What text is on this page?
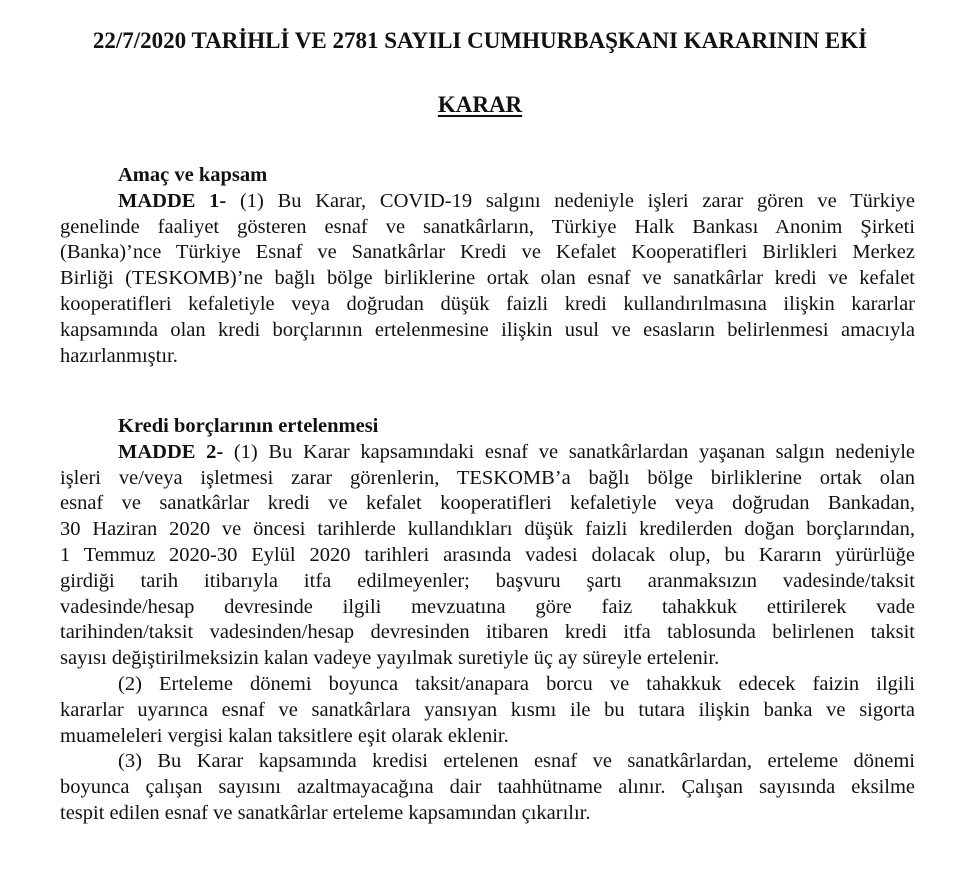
22/7/2020 TARİHLİ VE 2781 SAYILI CUMHURBAŞKANI KARARININ EKİ
KARAR
Amaç ve kapsam
MADDE 1- (1) Bu Karar, COVID-19 salgını nedeniyle işleri zarar gören ve Türkiye
genelinde faaliyet gösteren esnaf ve sanatkârların, Türkiye Halk Bankası Anonim Şirketi
(Banka)’nce Türkiye Esnaf ve Sanatkârlar Kredi ve Kefalet Kooperatifleri Birlikleri Merkez
Birliği (TESKOMB)’ne bağlı bölge birliklerine ortak olan esnaf ve sanatkârlar kredi ve kefalet
kooperatifleri kefaletiyle veya doğrudan düşük faizli kredi kullandırılmasına ilişkin kararlar
kapsamında olan kredi borçlarının ertelenmesine ilişkin usul ve esasların belirlenmesi amacıyla
hazırlanmıştır.
Kredi borçlarının ertelenmesi
MADDE 2- (1) Bu Karar kapsamındaki esnaf ve sanatkârlardan yaşanan salgın nedeniyle
işleri ve/veya işletmesi zarar görenlerin, TESKOMB’a bağlı bölge birliklerine ortak olan
esnaf ve sanatkârlar kredi ve kefalet kooperatifleri kefaletiyle veya doğrudan Bankadan,
30 Haziran 2020 ve öncesi tarihlerde kullandıkları düşük faizli kredilerden doğan borçlarından,
1 Temmuz 2020-30 Eylül 2020 tarihleri arasında vadesi dolacak olup, bu Kararın yürürlüğe
girdiği tarih itibarıyla itfa edilmeyenler; başvuru şartı aranmaksızın vadesinde/taksit
vadesinde/hesap devresinde ilgili mevzuatına göre faiz tahakkuk ettirilerek vade
tarihinden/taksit vadesinden/hesap devresinden itibaren kredi itfa tablosunda belirlenen taksit
sayısı değiştirilmeksizin kalan vadeye yayılmak suretiyle üç ay süreyle ertelenir.
(2) Erteleme dönemi boyunca taksit/anapara borcu ve tahakkuk edecek faizin ilgili
kararlar uyarınca esnaf ve sanatkârlara yansıyan kısmı ile bu tutara ilişkin banka ve sigorta
muameleleri vergisi kalan taksitlere eşit olarak eklenir.
(3) Bu Karar kapsamında kredisi ertelenen esnaf ve sanatkârlardan, erteleme dönemi
boyunca çalışan sayısını azaltmayacağına dair taahhütname alınır. Çalışan sayısında eksilme
tespit edilen esnaf ve sanatkârlar erteleme kapsamından çıkarılır.
